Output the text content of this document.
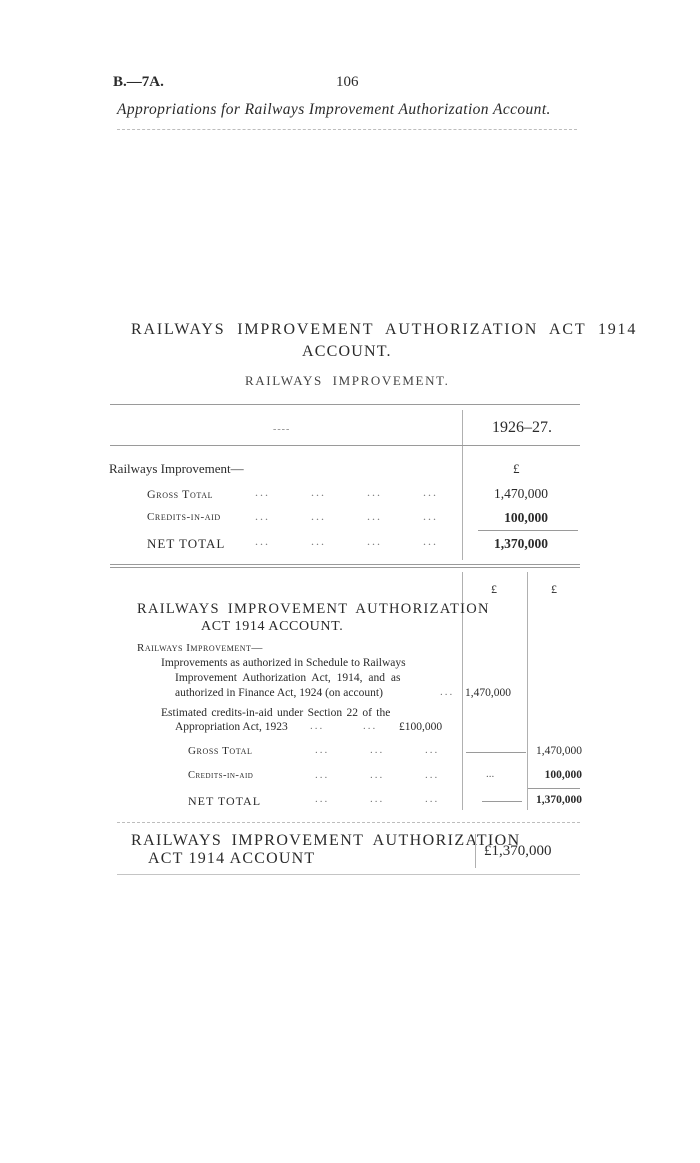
B.—7A.	106
Appropriations for Railways Improvement Authorization Account.
RAILWAYS IMPROVEMENT AUTHORIZATION ACT 1914
ACCOUNT.
RAILWAYS IMPROVEMENT.
----	1926–27.
Railways Improvement—	£
Gross Total	... ... ... ...	1,470,000
Credits-in-aid	... ... ... ...	100,000
NET TOTAL ... ... ... ...	1,370,000
£	£
RAILWAYS IMPROVEMENT AUTHORIZATION
ACT 1914 ACCOUNT.
Railways Improvement—
Improvements as authorized in Schedule to Railways
Improvement Authorization Act, 1914, and as
authorized in Finance Act, 1924 (on account)	... 1,470,000
Estimated credits-in-aid under Section 22 of the
Appropriation Act, 1923 ... ... £100,000
Gross Total	... ... ...	1,470,000
Credits-in-aid	... ... ...	...	100,000
NET TOTAL	... ... ...	1,370,000
RAILWAYS IMPROVEMENT AUTHORIZATION
ACT 1914 ACCOUNT	£1,370,000
